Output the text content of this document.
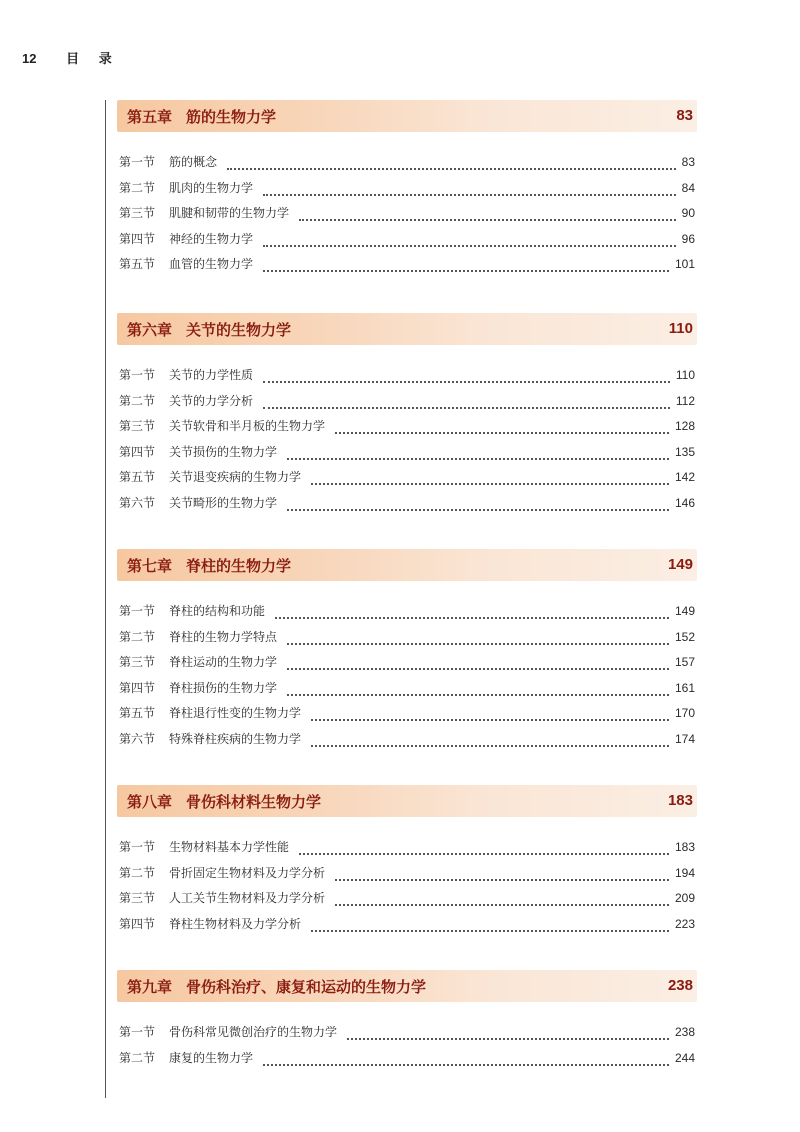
12 目 录
第五章 筋的生物力学	83
第一节	筋的概念	83
第二节	肌肉的生物力学	84
第三节	肌腱和韧带的生物力学	90
第四节	神经的生物力学	96
第五节	血管的生物力学	101
第六章 关节的生物力学	110
第一节	关节的力学性质	110
第二节	关节的力学分析	112
第三节	关节软骨和半月板的生物力学	128
第四节	关节损伤的生物力学	135
第五节	关节退变疾病的生物力学	142
第六节	关节畸形的生物力学	146
第七章 脊柱的生物力学	149
第一节	脊柱的结构和功能	149
第二节	脊柱的生物力学特点	152
第三节	脊柱运动的生物力学	157
第四节	脊柱损伤的生物力学	161
第五节	脊柱退行性变的生物力学	170
第六节	特殊脊柱疾病的生物力学	174
第八章 骨伤科材料生物力学	183
第一节	生物材料基本力学性能	183
第二节	骨折固定生物材料及力学分析	194
第三节	人工关节生物材料及力学分析	209
第四节	脊柱生物材料及力学分析	223
第九章 骨伤科治疗、康复和运动的生物力学	238
第一节	骨伤科常见微创治疗的生物力学	238
第二节	康复的生物力学	244
